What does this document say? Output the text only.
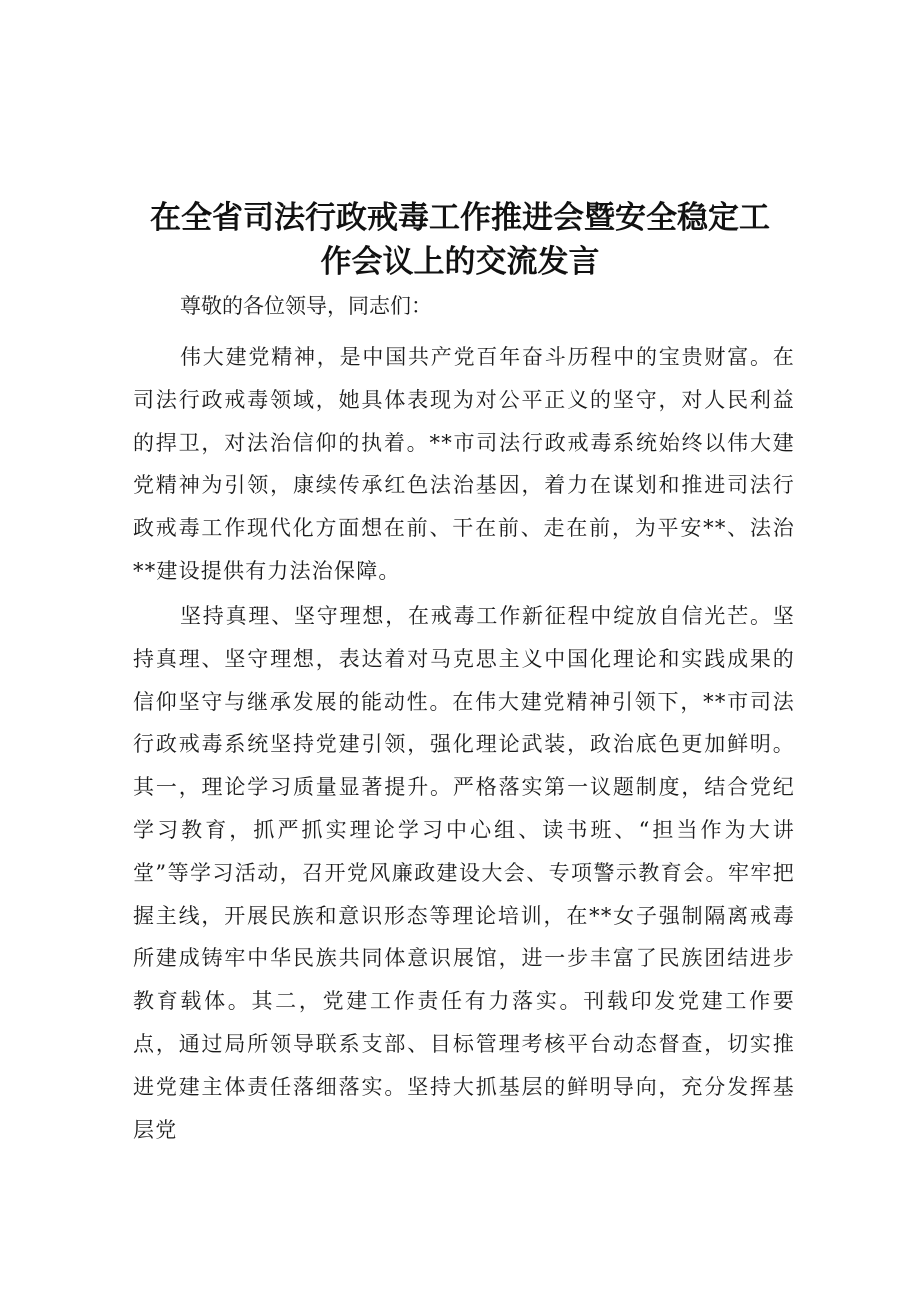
在全省司法行政戒毒工作推进会暨安全稳定工
作会议上的交流发言

尊敬的各位领导，同志们：

伟大建党精神，是中国共产党百年奋斗历程中的宝贵财富。在司法行政戒毒领域，她具体表现为对公平正义的坚守，对人民利益的捍卫，对法治信仰的执着。**市司法行政戒毒系统始终以伟大建党精神为引领，康续传承红色法治基因，着力在谋划和推进司法行政戒毒工作现代化方面想在前、干在前、走在前，为平安**、法治**建设提供有力法治保障。

坚持真理、坚守理想，在戒毒工作新征程中绽放自信光芒。坚持真理、坚守理想，表达着对马克思主义中国化理论和实践成果的信仰坚守与继承发展的能动性。在伟大建党精神引领下，**市司法行政戒毒系统坚持党建引领，强化理论武装，政治底色更加鲜明。其一，理论学习质量显著提升。严格落实第一议题制度，结合党纪学习教育，抓严抓实理论学习中心组、读书班、“担当作为大讲堂”等学习活动，召开党风廉政建设大会、专项警示教育会。牢牢把握主线，开展民族和意识形态等理论培训，在**女子强制隔离戒毒所建成铸牢中华民族共同体意识展馆，进一步丰富了民族团结进步教育载体。其二，党建工作责任有力落实。刊载印发党建工作要点，通过局所领导联系支部、目标管理考核平台动态督查，切实推进党建主体责任落细落实。坚持大抓基层的鲜明导向，充分发挥基层党
